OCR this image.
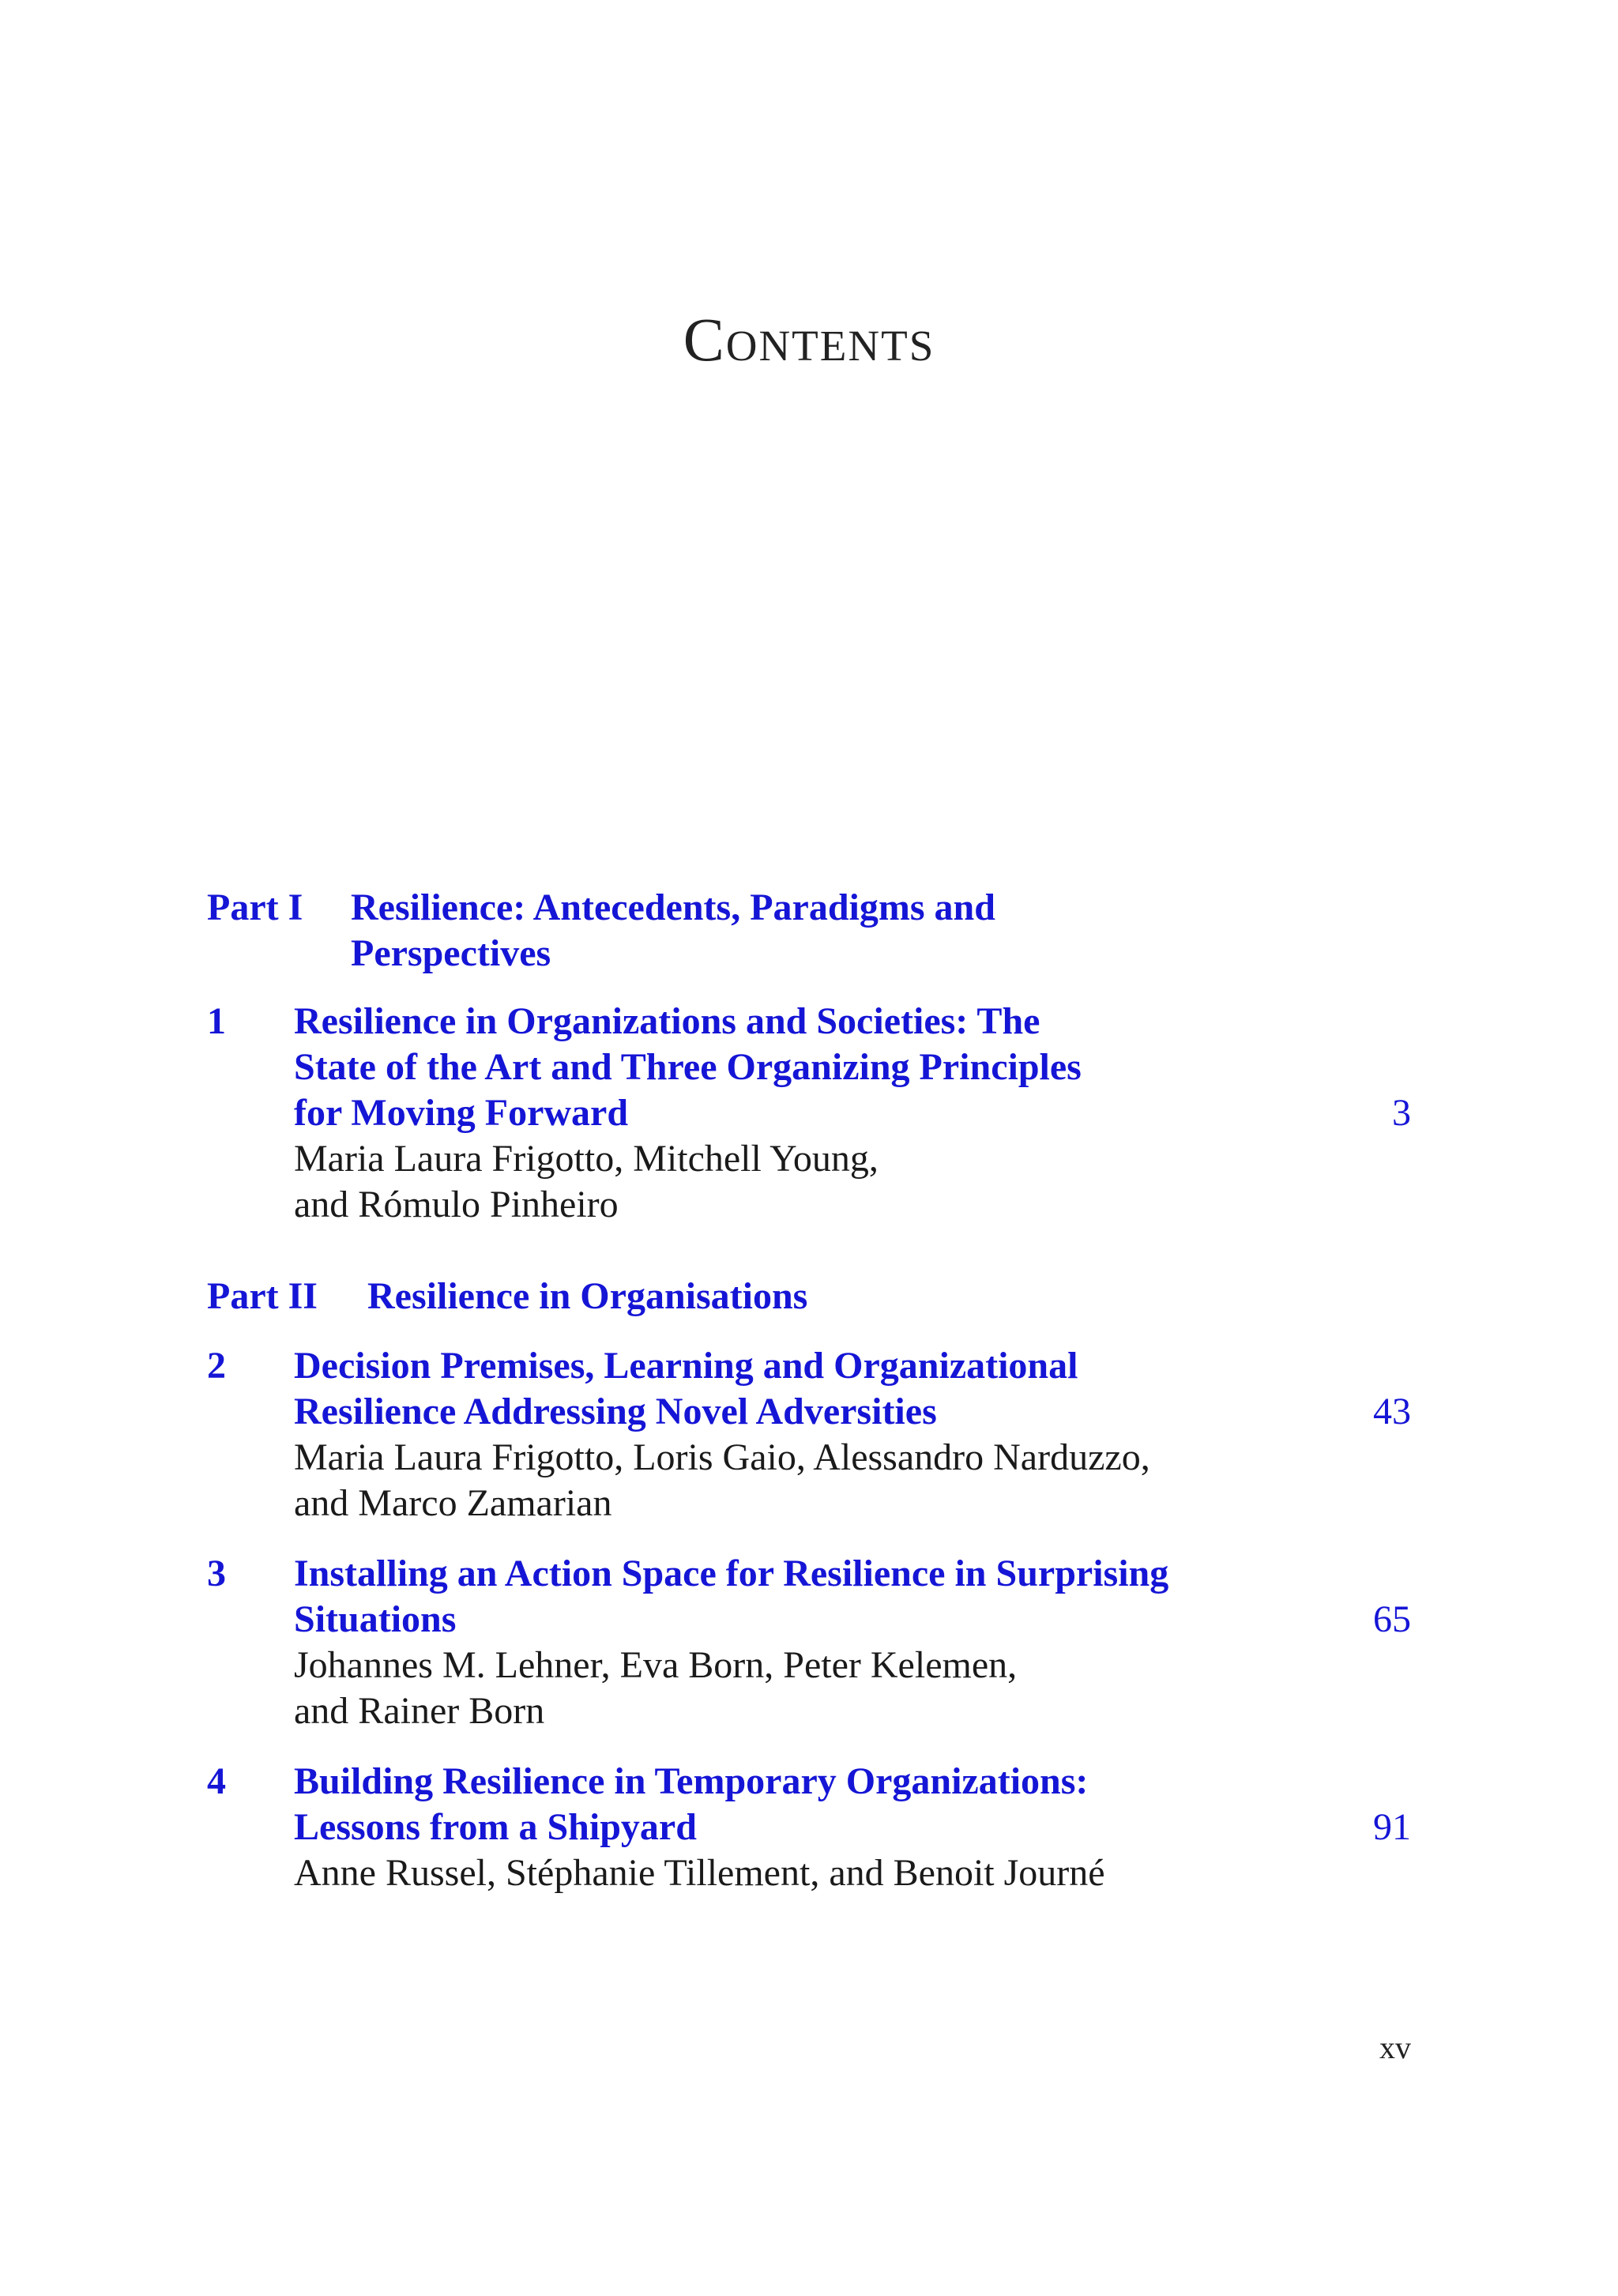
Contents
Part I Resilience: Antecedents, Paradigms and
Perspectives
1 Resilience in Organizations and Societies: The
State of the Art and Three Organizing Principles
for Moving Forward	3
Maria Laura Frigotto, Mitchell Young,
and Rómulo Pinheiro
Part II Resilience in Organisations
2 Decision Premises, Learning and Organizational
Resilience Addressing Novel Adversities	43
Maria Laura Frigotto, Loris Gaio, Alessandro Narduzzo,
and Marco Zamarian
3 Installing an Action Space for Resilience in Surprising
Situations	65
Johannes M. Lehner, Eva Born, Peter Kelemen,
and Rainer Born
4 Building Resilience in Temporary Organizations:
Lessons from a Shipyard	91
Anne Russel, Stéphanie Tillement, and Benoit Journé
xv
